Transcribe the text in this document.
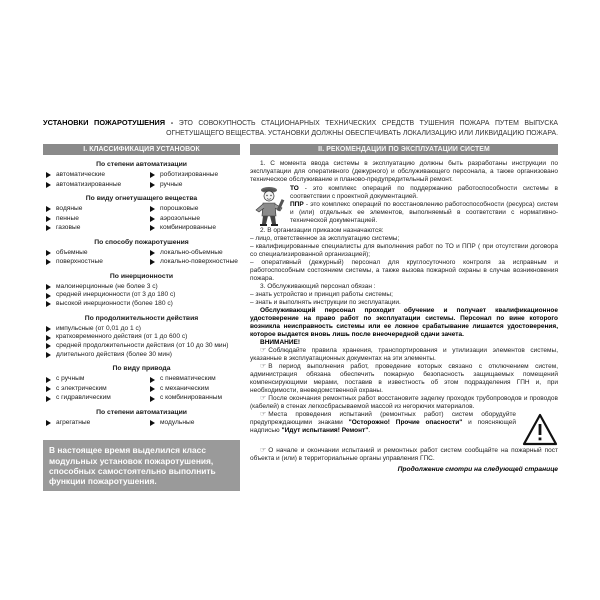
УСТАНОВКИ ПОЖАРОТУШЕНИЯ - ЭТО СОВОКУПНОСТЬ СТАЦИОНАРНЫХ ТЕХНИЧЕСКИХ СРЕДСТВ ТУШЕНИЯ ПОЖАРА ПУТЕМ ВЫПУСКА ОГНЕТУШАЩЕГО ВЕЩЕСТВА. УСТАНОВКИ ДОЛЖНЫ ОБЕСПЕЧИВАТЬ ЛОКАЛИЗАЦИЮ ИЛИ ЛИКВИДАЦИЮ ПОЖАРА.
I. КЛАССИФИКАЦИЯ УСТАНОВОК
По степени автоматизации
автоматические	роботизированные
автоматизированные	ручные
По виду огнетушащего вещества
водяные	порошковые
пенные	аэрозольные
газовые	комбинированные
По способу пожаротушения
объемные	локально-объемные
поверхностные	локально-поверхностные
По инерционности
малоинерционные (не более 3 с)
средней инерционности (от 3 до 180 с)
высокой инерционности (более 180 с)
По продолжительности действия
импульсные (от 0,01 до 1 с)
кратковременного действия (от 1 до 600 с)
средней продолжительности действия (от 10 до 30 мин)
длительного действия (более 30 мин)
По виду привода
с ручным	с пневматическим
с электрическим	с механическим
с гидравлическим	с комбинированным
По степени автоматизации
агрегатные	модульные
В настоящее время выделился класс модульных установок пожаротушения, способных самостоятельно выполнить функции пожаротушения.
II. РЕКОМЕНДАЦИИ ПО ЭКСПЛУАТАЦИИ СИСТЕМ

1. С момента ввода системы в эксплуатацию должны быть разработаны инструкции по эксплуатации для оперативного (дежурного) и обслуживающего персонала, а также организовано техническое обслуживание и планово-предупредительный ремонт.

ТО - это комплекс операций по поддержанию работоспособности системы в соответствии с проектной документацией.

ППР - это комплекс операций по восстановлению работоспособности (ресурса) систем и (или) отдельных ее элементов, выполняемый в соответствии с нормативно-технической документацией.

2. В организации приказом назначаются:

– лицо, ответственное за эксплуатацию системы;

– квалифицированные специалисты для выполнения работ по ТО и ППР ( при отсутствии договора со специализированной организацией);

– оперативный (дежурный) персонал для круглосуточного контроля за исправным и работоспособным состоянием системы, а также вызова пожарной охраны в случае возникновения пожара.

3. Обслуживающий персонал обязан :

– знать устройство и принцип работы системы;

– знать и выполнять инструкции по эксплуатации.

Обслуживающий персонал проходит обучение и получает квалификационное удостоверение на право работ по эксплуатации системы. Персонал по вине которого возникла неисправность системы или ее ложное срабатывание лишается удостоверения, которое выдается вновь лишь после внеочередной сдачи зачета.

ВНИМАНИЕ!

☞ Соблюдайте правила хранения, транспортирования и утилизации элементов системы, указанные в эксплуатационных документах на эти элементы.

☞ В период выполнения работ, проведение которых связано с отключением систем, администрация обязана обеспечить пожарную безопасность защищаемых помещений компенсирующими мерами, поставив в известность об этом подразделения ГПН и, при необходимости, вневедомственной охраны.

☞ После окончания ремонтных работ восстановите заделку проходок трубопроводов и проводов (кабелей) в стенах легкосбрасываемой массой из негорючих материалов.

☞ Места проведения испытаний (ремонтных работ) систем оборудуйте предупреждающими знаками "Осторожно! Прочие опасности" и поясняющей надписью "Идут испытания! Ремонт".

☞ О начале и окончании испытаний и ремонтных работ систем сообщайте на пожарный пост объекта и (или) в территориальные органы управления ГПС.

Продолжение смотри на следующей странице
